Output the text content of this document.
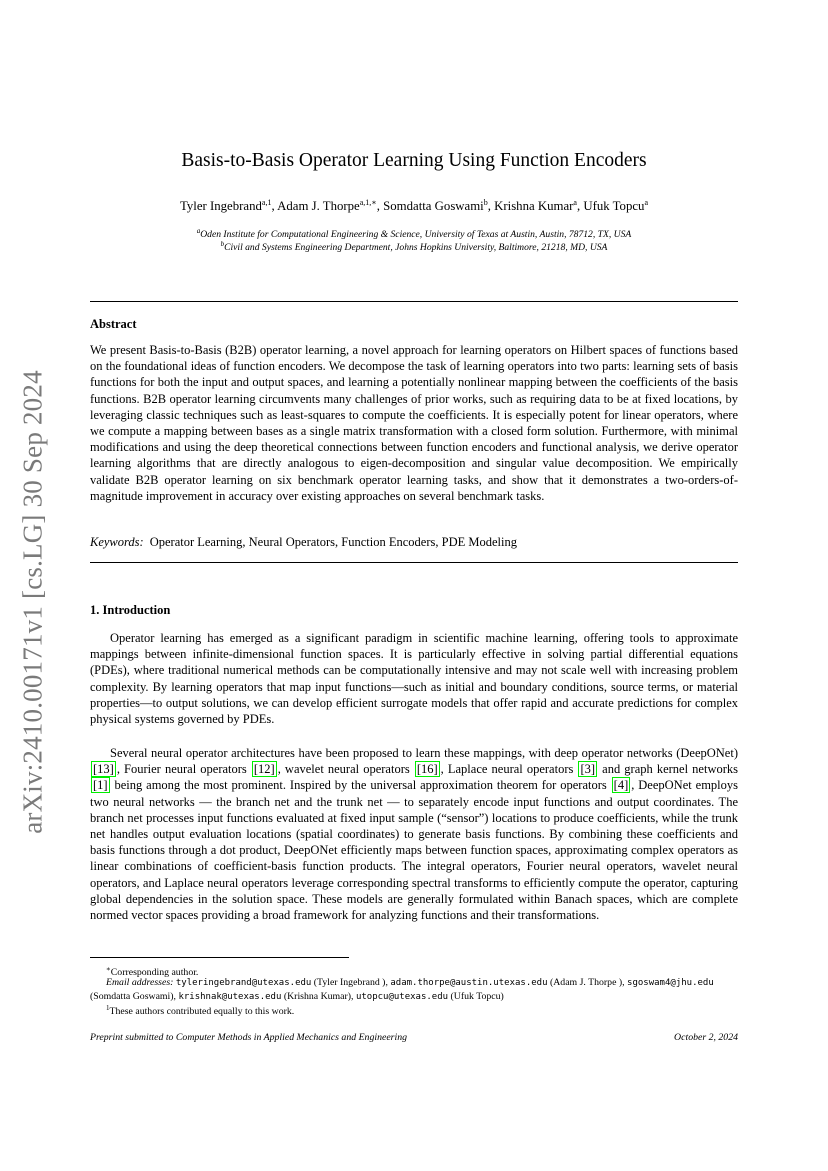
arXiv:2410.00171v1 [cs.LG] 30 Sep 2024
Basis-to-Basis Operator Learning Using Function Encoders
Tyler Ingebrand$^{a,1}$, Adam J. Thorpe$^{a,1,∗}$, Somdatta Goswami$^b$, Krishna Kumar$^a$, Ufuk Topcu$^a$
$^a$Oden Institute for Computational Engineering & Science, University of Texas at Austin, Austin, 78712, TX, USA
$^b$Civil and Systems Engineering Department, Johns Hopkins University, Baltimore, 21218, MD, USA
Abstract

We present Basis-to-Basis (B2B) operator learning, a novel approach for learning operators on Hilbert spaces of functions based on the foundational ideas of function encoders. We decompose the task of learning operators into two parts: learning sets of basis functions for both the input and output spaces, and learning a potentially nonlinear mapping between the coefficients of the basis functions. B2B operator learning circumvents many challenges of prior works, such as requiring data to be at fixed locations, by leveraging classic techniques such as least-squares to compute the coefficients. It is especially potent for linear operators, where we compute a mapping between bases as a single matrix transformation with a closed form solution. Furthermore, with minimal modifications and using the deep theoretical connections between function encoders and functional analysis, we derive operator learning algorithms that are directly analogous to eigen-decomposition and singular value decomposition. We empirically validate B2B operator learning on six benchmark operator learning tasks, and show that it demonstrates a two-orders-of-magnitude improvement in accuracy over existing approaches on several benchmark tasks.

Keywords: Operator Learning, Neural Operators, Function Encoders, PDE Modeling
1. Introduction

Operator learning has emerged as a significant paradigm in scientific machine learning, offering tools to approximate mappings between infinite-dimensional function spaces. It is particularly effective in solving partial differential equations (PDEs), where traditional numerical methods can be computationally intensive and may not scale well with increasing problem complexity. By learning operators that map input functions—such as initial and boundary conditions, source terms, or material properties—to output solutions, we can develop efficient surrogate models that offer rapid and accurate predictions for complex physical systems governed by PDEs.

Several neural operator architectures have been proposed to learn these mappings, with deep operator networks (DeepONet) [13] , Fourier neural operators [12] , wavelet neural operators [16] , Laplace neural operators [3] and graph kernel networks [1] being among the most prominent. Inspired by the universal approximation theorem for operators [4] , DeepONet employs two neural networks — the branch net and the trunk net — to separately encode input functions and output coordinates. The branch net processes input functions evaluated at fixed input sample (“sensor”) locations to produce coefficients, while the trunk net handles output evaluation locations (spatial coordinates) to generate basis functions. By combining these coefficients and basis functions through a dot product, DeepONet efficiently maps between function spaces, approximating complex operators as linear combinations of coefficient-basis function products. The integral operators, Fourier neural operators, wavelet neural operators, and Laplace neural operators leverage corresponding spectral transforms to efficiently compute the operator, capturing global dependencies in the solution space. These models are generally formulated within Banach spaces, which are complete normed vector spaces providing a broad framework for analyzing functions and their transformations.

∗Corresponding author.
Email addresses: tyleringebrand@utexas.edu (Tyler Ingebrand ), adam.thorpe@austin.utexas.edu (Adam J. Thorpe ), sgoswam4@jhu.edu (Somdatta Goswami), krishnak@utexas.edu (Krishna Kumar), utopcu@utexas.edu (Ufuk Topcu)
$^1$These authors contributed equally to this work.
Preprint submitted to Computer Methods in Applied Mechanics and Engineering	October 2, 2024
